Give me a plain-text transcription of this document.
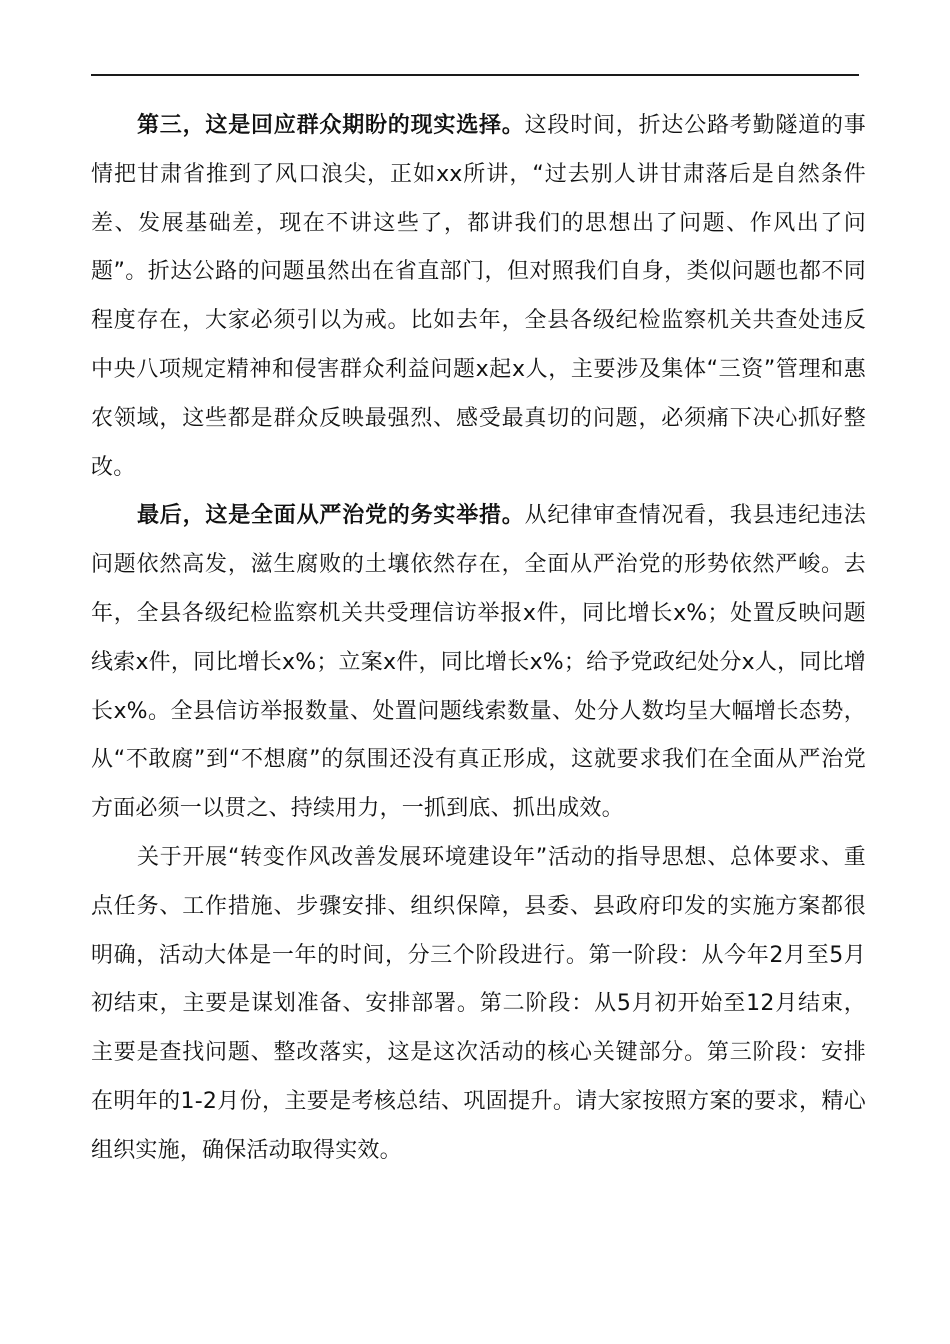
第三，这是回应群众期盼的现实选择。这段时间，折达公路考勤隧道的事情把甘肃省推到了风口浪尖，正如xx所讲，“过去别人讲甘肃落后是自然条件差、发展基础差，现在不讲这些了，都讲我们的思想出了问题、作风出了问题”。折达公路的问题虽然出在省直部门，但对照我们自身，类似问题也都不同程度存在，大家必须引以为戒。比如去年，全县各级纪检监察机关共查处违反中央八项规定精神和侵害群众利益问题x起x人，主要涉及集体“三资”管理和惠农领域，这些都是群众反映最强烈、感受最真切的问题，必须痛下决心抓好整改。

最后，这是全面从严治党的务实举措。从纪律审查情况看，我县违纪违法问题依然高发，滋生腐败的土壤依然存在，全面从严治党的形势依然严峻。去年，全县各级纪检监察机关共受理信访举报x件，同比增长x%；处置反映问题线索x件，同比增长x%；立案x件，同比增长x%；给予党政纪处分x人，同比增长x%。全县信访举报数量、处置问题线索数量、处分人数均呈大幅增长态势，从“不敢腐”到“不想腐”的氛围还没有真正形成，这就要求我们在全面从严治党方面必须一以贯之、持续用力，一抓到底、抓出成效。

关于开展“转变作风改善发展环境建设年”活动的指导思想、总体要求、重点任务、工作措施、步骤安排、组织保障，县委、县政府印发的实施方案都很明确，活动大体是一年的时间，分三个阶段进行。第一阶段：从今年2月至5月初结束，主要是谋划准备、安排部署。第二阶段：从5月初开始至12月结束，主要是查找问题、整改落实，这是这次活动的核心关键部分。第三阶段：安排在明年的1-2月份，主要是考核总结、巩固提升。请大家按照方案的要求，精心组织实施，确保活动取得实效。
